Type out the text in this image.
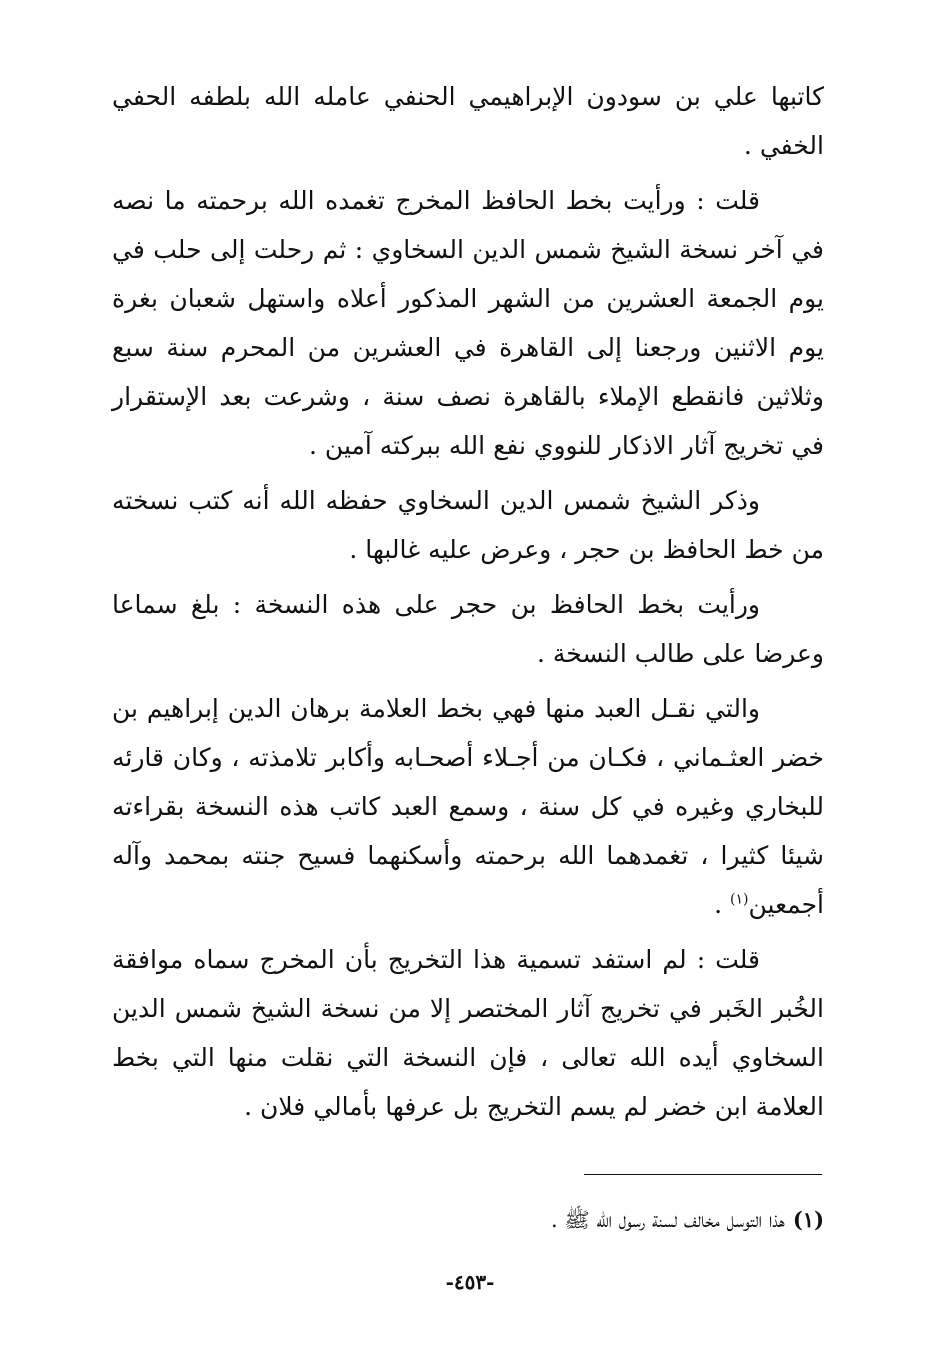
كاتبها علي بن سودون الإبراهيمي الحنفي عامله الله بلطفه الحفي الخفي .

قلت : ورأيت بخط الحافظ المخرج تغمده الله برحمته ما نصه في آخر نسخة الشيخ شمس الدين السخاوي : ثم رحلت إلى حلب في يوم الجمعة العشرين من الشهر المذكور أعلاه واستهل شعبان بغرة يوم الاثنين ورجعنا إلى القاهرة في العشرين من المحرم سنة سبع وثلاثين فانقطع الإملاء بالقاهرة نصف سنة ، وشرعت بعد الإستقرار في تخريج آثار الاذكار للنووي نفع الله ببركته آمين .

وذكر الشيخ شمس الدين السخاوي حفظه الله أنه كتب نسخته من خط الحافظ بن حجر ، وعرض عليه غالبها .

ورأيت بخط الحافظ بن حجر على هذه النسخة : بلغ سماعا وعرضا على طالب النسخة .

والتي نقـل العبد منها فهي بخط العلامة برهان الدين إبراهيم بن خضر العثـماني ، فكـان من أجـلاء أصحـابه وأكابر تلامذته ، وكان قارئه للبخاري وغيره في كل سنة ، وسمع العبد كاتب هذه النسخة بقراءته شيئا كثيرا ، تغمدهما الله برحمته وأسكنهما فسيح جنته بمحمد وآله أجمعين$^{(١)}$ .

قلت : لم استفد تسمية هذا التخريج بأن المخرج سماه موافقة الخُبر الخَبر في تخريج آثار المختصر إلا من نسخة الشيخ شمس الدين السخاوي أيده الله تعالى ، فإن النسخة التي نقلت منها التي بخط العلامة ابن خضر لم يسم التخريج بل عرفها بأمالي فلان .

(١)هذا التوسل مخالف لسنة رسول الله ﷺ .
-٤٥٣-
